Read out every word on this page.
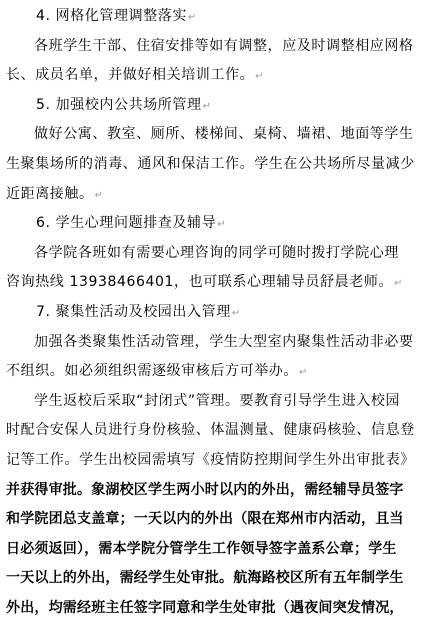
4. 网格化管理调整落实↵
各班学生干部、住宿安排等如有调整，应及时调整相应网格
长、成员名单，并做好相关培训工作。↵
5. 加强校内公共场所管理↵
做好公寓、教室、厕所、楼梯间、桌椅、墙裙、地面等学生
生聚集场所的消毒、通风和保洁工作。学生在公共场所尽量减少
近距离接触。↵
6. 学生心理问题排查及辅导↵
各学院各班如有需要心理咨询的同学可随时拨打学院心理
咨询热线 13938466401，也可联系心理辅导员舒晨老师。↵
7. 聚集性活动及校园出入管理↵
加强各类聚集性活动管理，学生大型室内聚集性活动非必要
不组织。如必须组织需逐级审核后方可举办。↵
学生返校后采取“封闭式”管理。要教育引导学生进入校园
时配合安保人员进行身份核验、体温测量、健康码核验、信息登
记等工作。学生出校园需填写《疫情防控期间学生外出审批表》
并获得审批。象湖校区学生两小时以内的外出，需经辅导员签字
和学院团总支盖章；一天以内的外出（限在郑州市内活动，且当
日必须返回），需本学院分管学生工作领导签字盖系公章；学生
一天以上的外出，需经学生处审批。航海路校区所有五年制学生
外出，均需经班主任签字同意和学生处审批（遇夜间突发情况，
